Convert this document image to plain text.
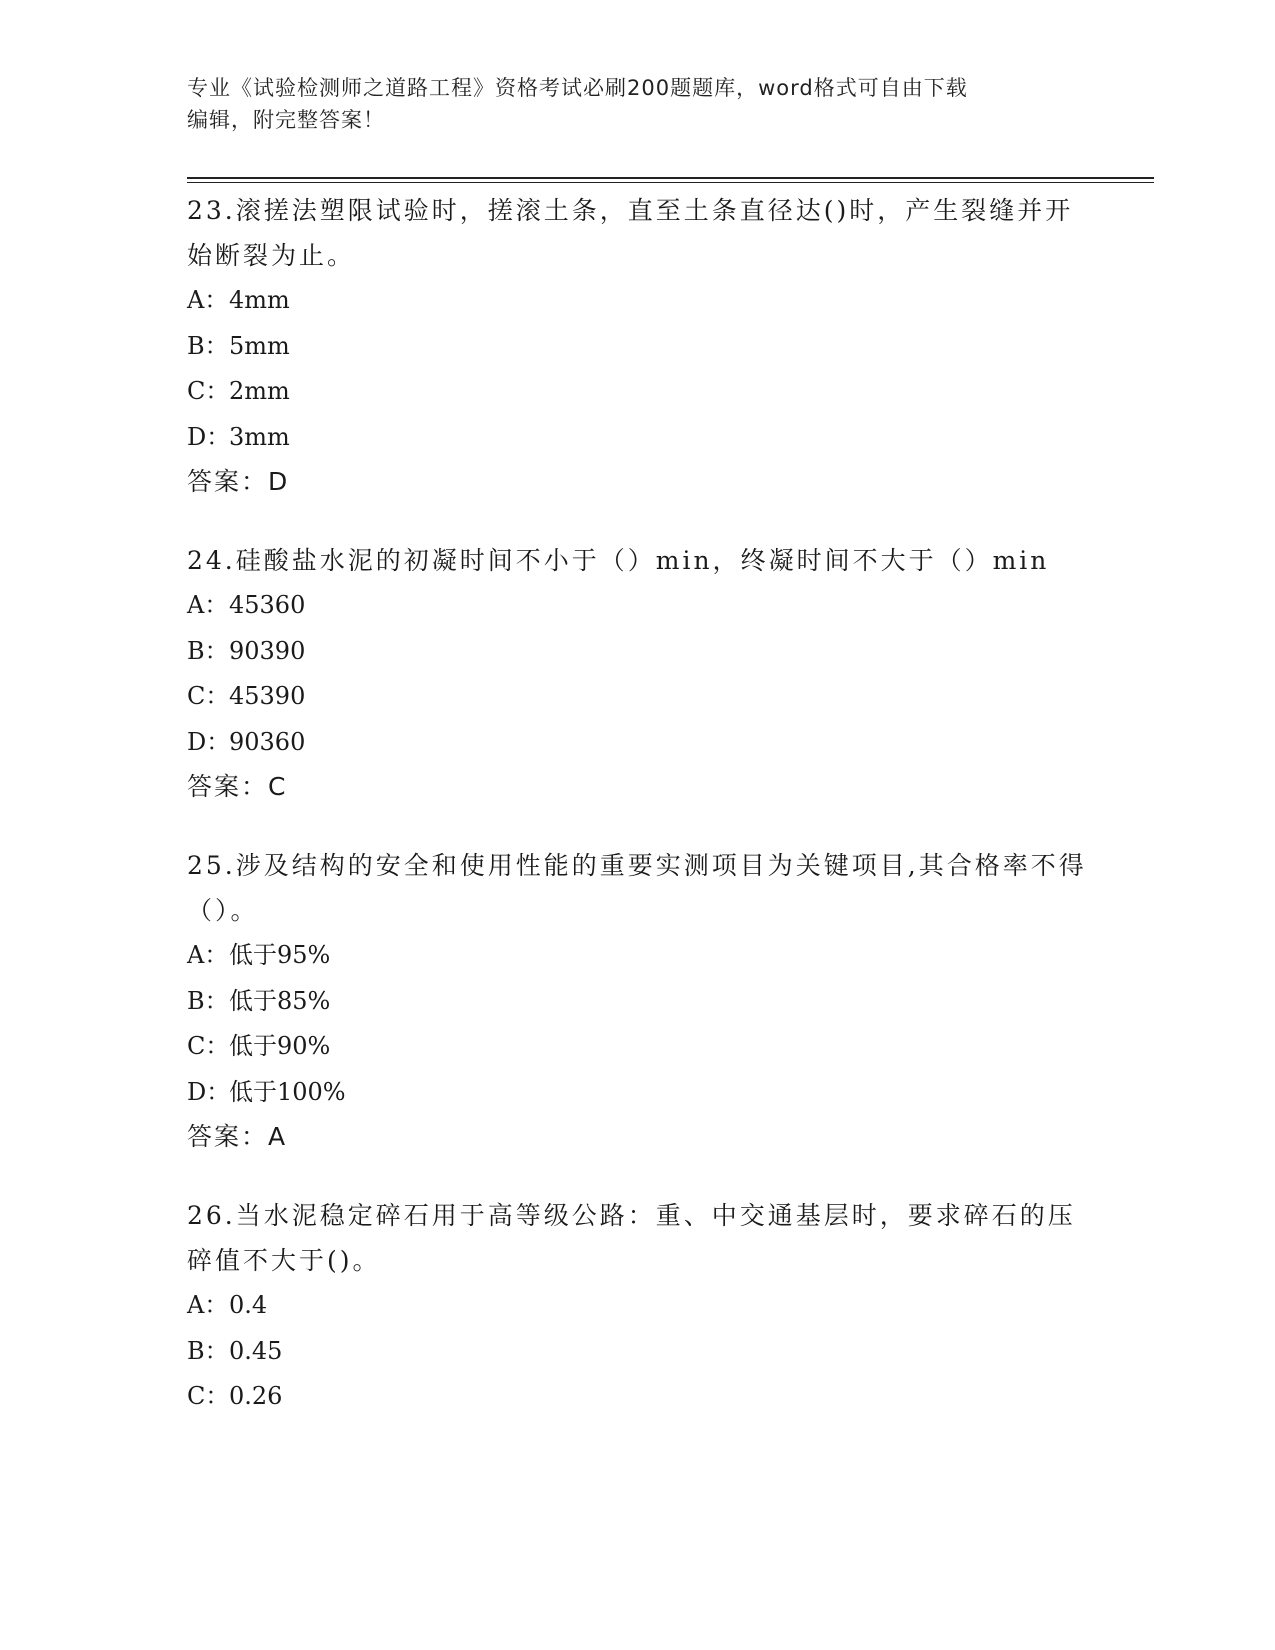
专业《试验检测师之道路工程》资格考试必刷200题题库，word格式可自由下载
编辑，附完整答案！

23.滚搓法塑限试验时，搓滚土条，直至土条直径达()时，产生裂缝并开始断裂为止。

A：4mm
B：5mm
C：2mm
D：3mm

答案：D

24.硅酸盐水泥的初凝时间不小于（）min，终凝时间不大于（）min

A：45360
B：90390
C：45390
D：90360

答案：C

25.涉及结构的安全和使用性能的重要实测项目为关键项目,其合格率不得（）。

A：低于95%
B：低于85%
C：低于90%
D：低于100%

答案：A

26.当水泥稳定碎石用于高等级公路：重、中交通基层时，要求碎石的压碎值不大于()。

A：0.4
B：0.45
C：0.26
